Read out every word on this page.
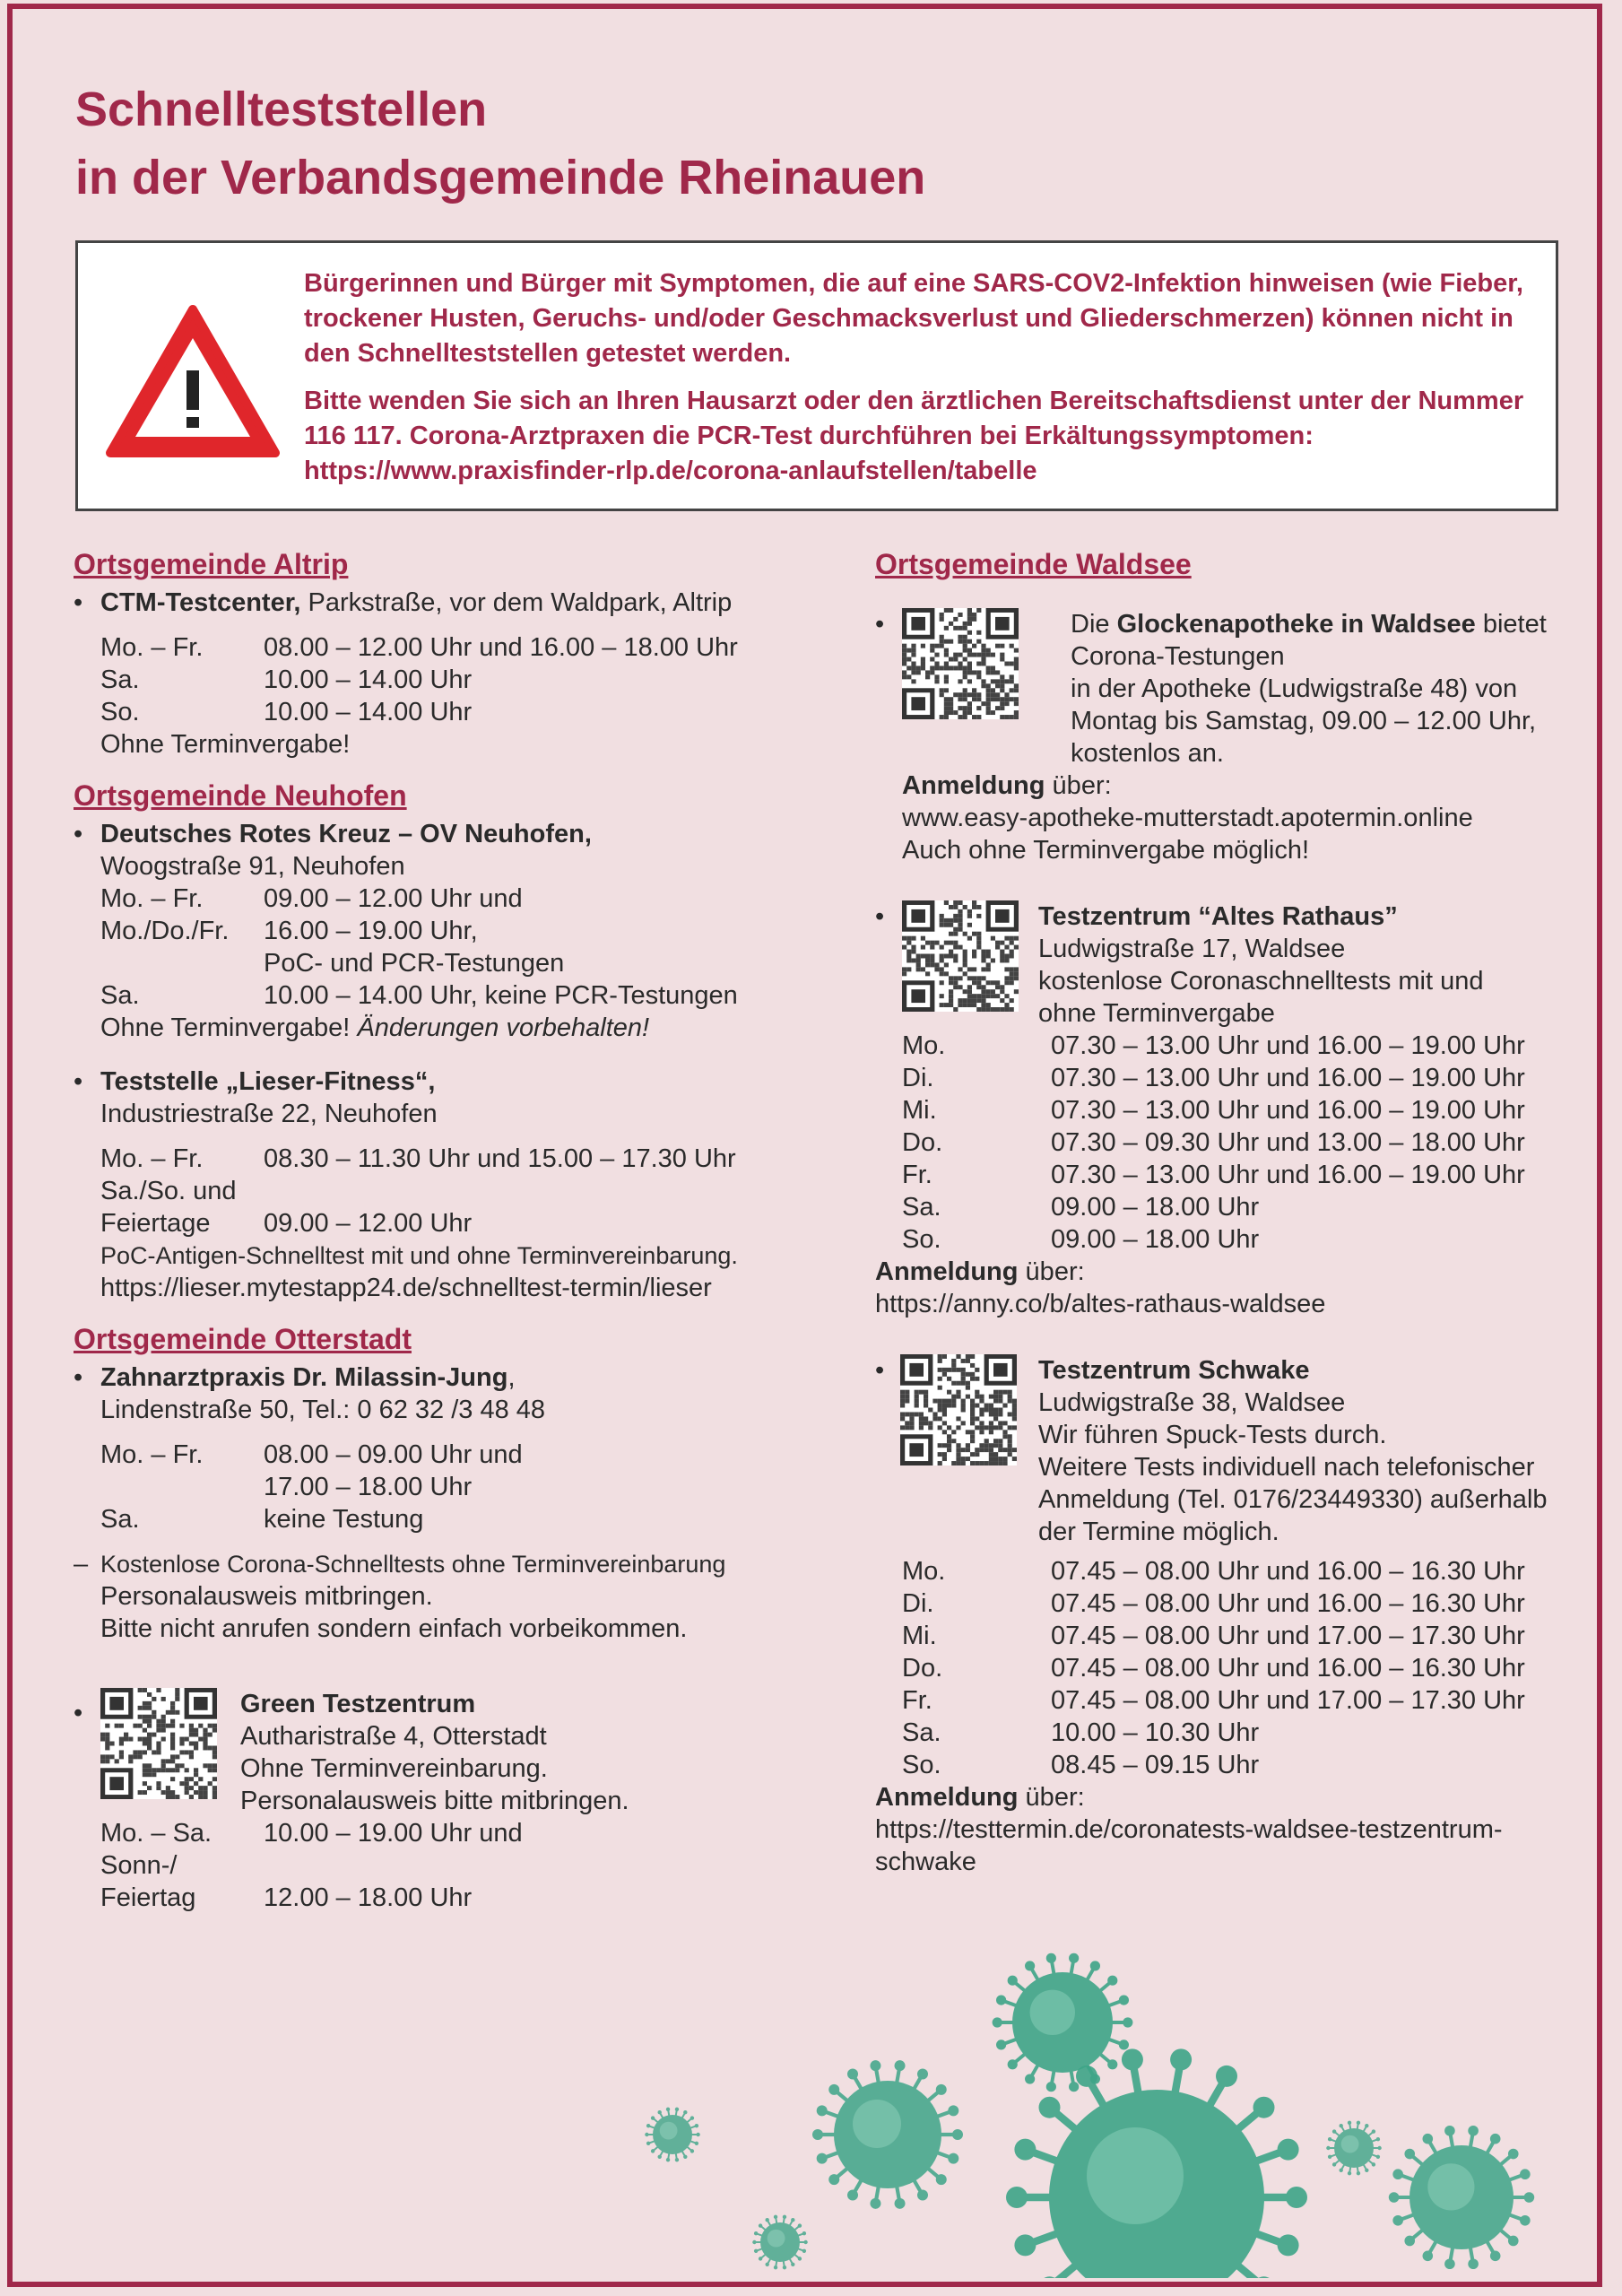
Schnellteststellen
in der Verbandsgemeinde Rheinauen

Bürgerinnen und Bürger mit Symptomen, die auf eine SARS-COV2-Infektion hinweisen (wie Fieber, trockener Husten, Geruchs- und/oder Geschmacksverlust und Gliederschmerzen) können nicht in den Schnellteststellen getestet werden.

Bitte wenden Sie sich an Ihren Hausarzt oder den ärztlichen Bereitschaftsdienst unter der Nummer 116 117. Corona-Arztpraxen die PCR-Test durchführen bei Erkältungssymptomen: https://www.praxisfinder-rlp.de/corona-anlaufstellen/tabelle

Ortsgemeinde Altrip
• CTM-Testcenter, Parkstraße, vor dem Waldpark, Altrip
Mo. – Fr.	08.00 – 12.00 Uhr und 16.00 – 18.00 Uhr
Sa.	10.00 – 14.00 Uhr
So.	10.00 – 14.00 Uhr
Ohne Terminvergabe!
Ortsgemeinde Neuhofen
• Deutsches Rotes Kreuz – OV Neuhofen,
Woogstraße 91, Neuhofen
Mo. – Fr.	09.00 – 12.00 Uhr und
Mo./Do./Fr.	16.00 – 19.00 Uhr,
PoC- und PCR-Testungen
Sa.	10.00 – 14.00 Uhr, keine PCR-Testungen
Ohne Terminvergabe! Änderungen vorbehalten!
• Teststelle „Lieser-Fitness“,
Industriestraße 22, Neuhofen
Mo. – Fr.	08.30 – 11.30 Uhr und 15.00 – 17.30 Uhr
Sa./So. und
Feiertage	09.00 – 12.00 Uhr
PoC-Antigen-Schnelltest mit und ohne Terminvereinbarung.
https://lieser.mytestapp24.de/schnelltest-termin/lieser
Ortsgemeinde Otterstadt
• Zahnarztpraxis Dr. Milassin-Jung,
Lindenstraße 50, Tel.: 0 62 32 /3 48 48
Mo. – Fr.	08.00 – 09.00 Uhr und
17.00 – 18.00 Uhr
Sa.	keine Testung
– Kostenlose Corona-Schnelltests ohne Terminvereinbarung
Personalausweis mitbringen.
Bitte nicht anrufen sondern einfach vorbeikommen.
•	Green Testzentrum
Autharistraße 4, Otterstadt
Ohne Terminvereinbarung.
Personalausweis bitte mitbringen.
Mo. – Sa.	10.00 – 19.00 Uhr und
Sonn-/
Feiertag	12.00 – 18.00 Uhr
Ortsgemeinde Waldsee
•	Die Glockenapotheke in Waldsee bietet
Corona-Testungen
in der Apotheke (Ludwigstraße 48) von
Montag bis Samstag, 09.00 – 12.00 Uhr,
kostenlos an.
Anmeldung über:
www.easy-apotheke-mutterstadt.apotermin.online
Auch ohne Terminvergabe möglich!
•	Testzentrum “Altes Rathaus”
Ludwigstraße 17, Waldsee
kostenlose Coronaschnelltests mit und
ohne Terminvergabe
Mo.	07.30 – 13.00 Uhr und 16.00 – 19.00 Uhr
Di.	07.30 – 13.00 Uhr und 16.00 – 19.00 Uhr
Mi.	07.30 – 13.00 Uhr und 16.00 – 19.00 Uhr
Do.	07.30 – 09.30 Uhr und 13.00 – 18.00 Uhr
Fr.	07.30 – 13.00 Uhr und 16.00 – 19.00 Uhr
Sa.	09.00 – 18.00 Uhr
So.	09.00 – 18.00 Uhr
Anmeldung über:
https://anny.co/b/altes-rathaus-waldsee
•	Testzentrum Schwake
Ludwigstraße 38, Waldsee
Wir führen Spuck-Tests durch.
Weitere Tests individuell nach telefonischer
Anmeldung (Tel. 0176/23449330) außerhalb
der Termine möglich.
Mo.	07.45 – 08.00 Uhr und 16.00 – 16.30 Uhr
Di.	07.45 – 08.00 Uhr und 16.00 – 16.30 Uhr
Mi.	07.45 – 08.00 Uhr und 17.00 – 17.30 Uhr
Do.	07.45 – 08.00 Uhr und 16.00 – 16.30 Uhr
Fr.	07.45 – 08.00 Uhr und 17.00 – 17.30 Uhr
Sa.	10.00 – 10.30 Uhr
So.	08.45 – 09.15 Uhr
Anmeldung über:
https://testtermin.de/coronatests-waldsee-testzentrum-
schwake
